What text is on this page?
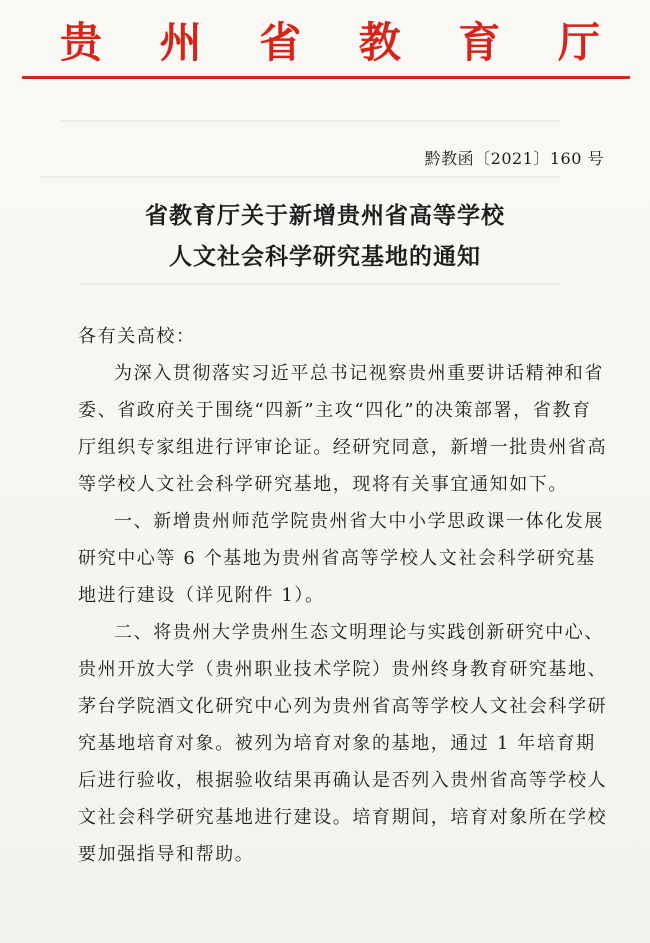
贵 州 省 教 育 厅
黔教函〔2021〕160 号
省教育厅关于新增贵州省高等学校
人文社会科学研究基地的通知

各有关高校：

为深入贯彻落实习近平总书记视察贵州重要讲话精神和省委、省政府关于围绕“四新”主攻“四化”的决策部署，省教育厅组织专家组进行评审论证。经研究同意，新增一批贵州省高等学校人文社会科学研究基地，现将有关事宜通知如下。

一、新增贵州师范学院贵州省大中小学思政课一体化发展研究中心等 6 个基地为贵州省高等学校人文社会科学研究基地进行建设（详见附件 1）。

二、将贵州大学贵州生态文明理论与实践创新研究中心、贵州开放大学（贵州职业技术学院）贵州终身教育研究基地、茅台学院酒文化研究中心列为贵州省高等学校人文社会科学研究基地培育对象。被列为培育对象的基地，通过 1 年培育期后进行验收，根据验收结果再确认是否列入贵州省高等学校人文社会科学研究基地进行建设。培育期间，培育对象所在学校要加强指导和帮助。
